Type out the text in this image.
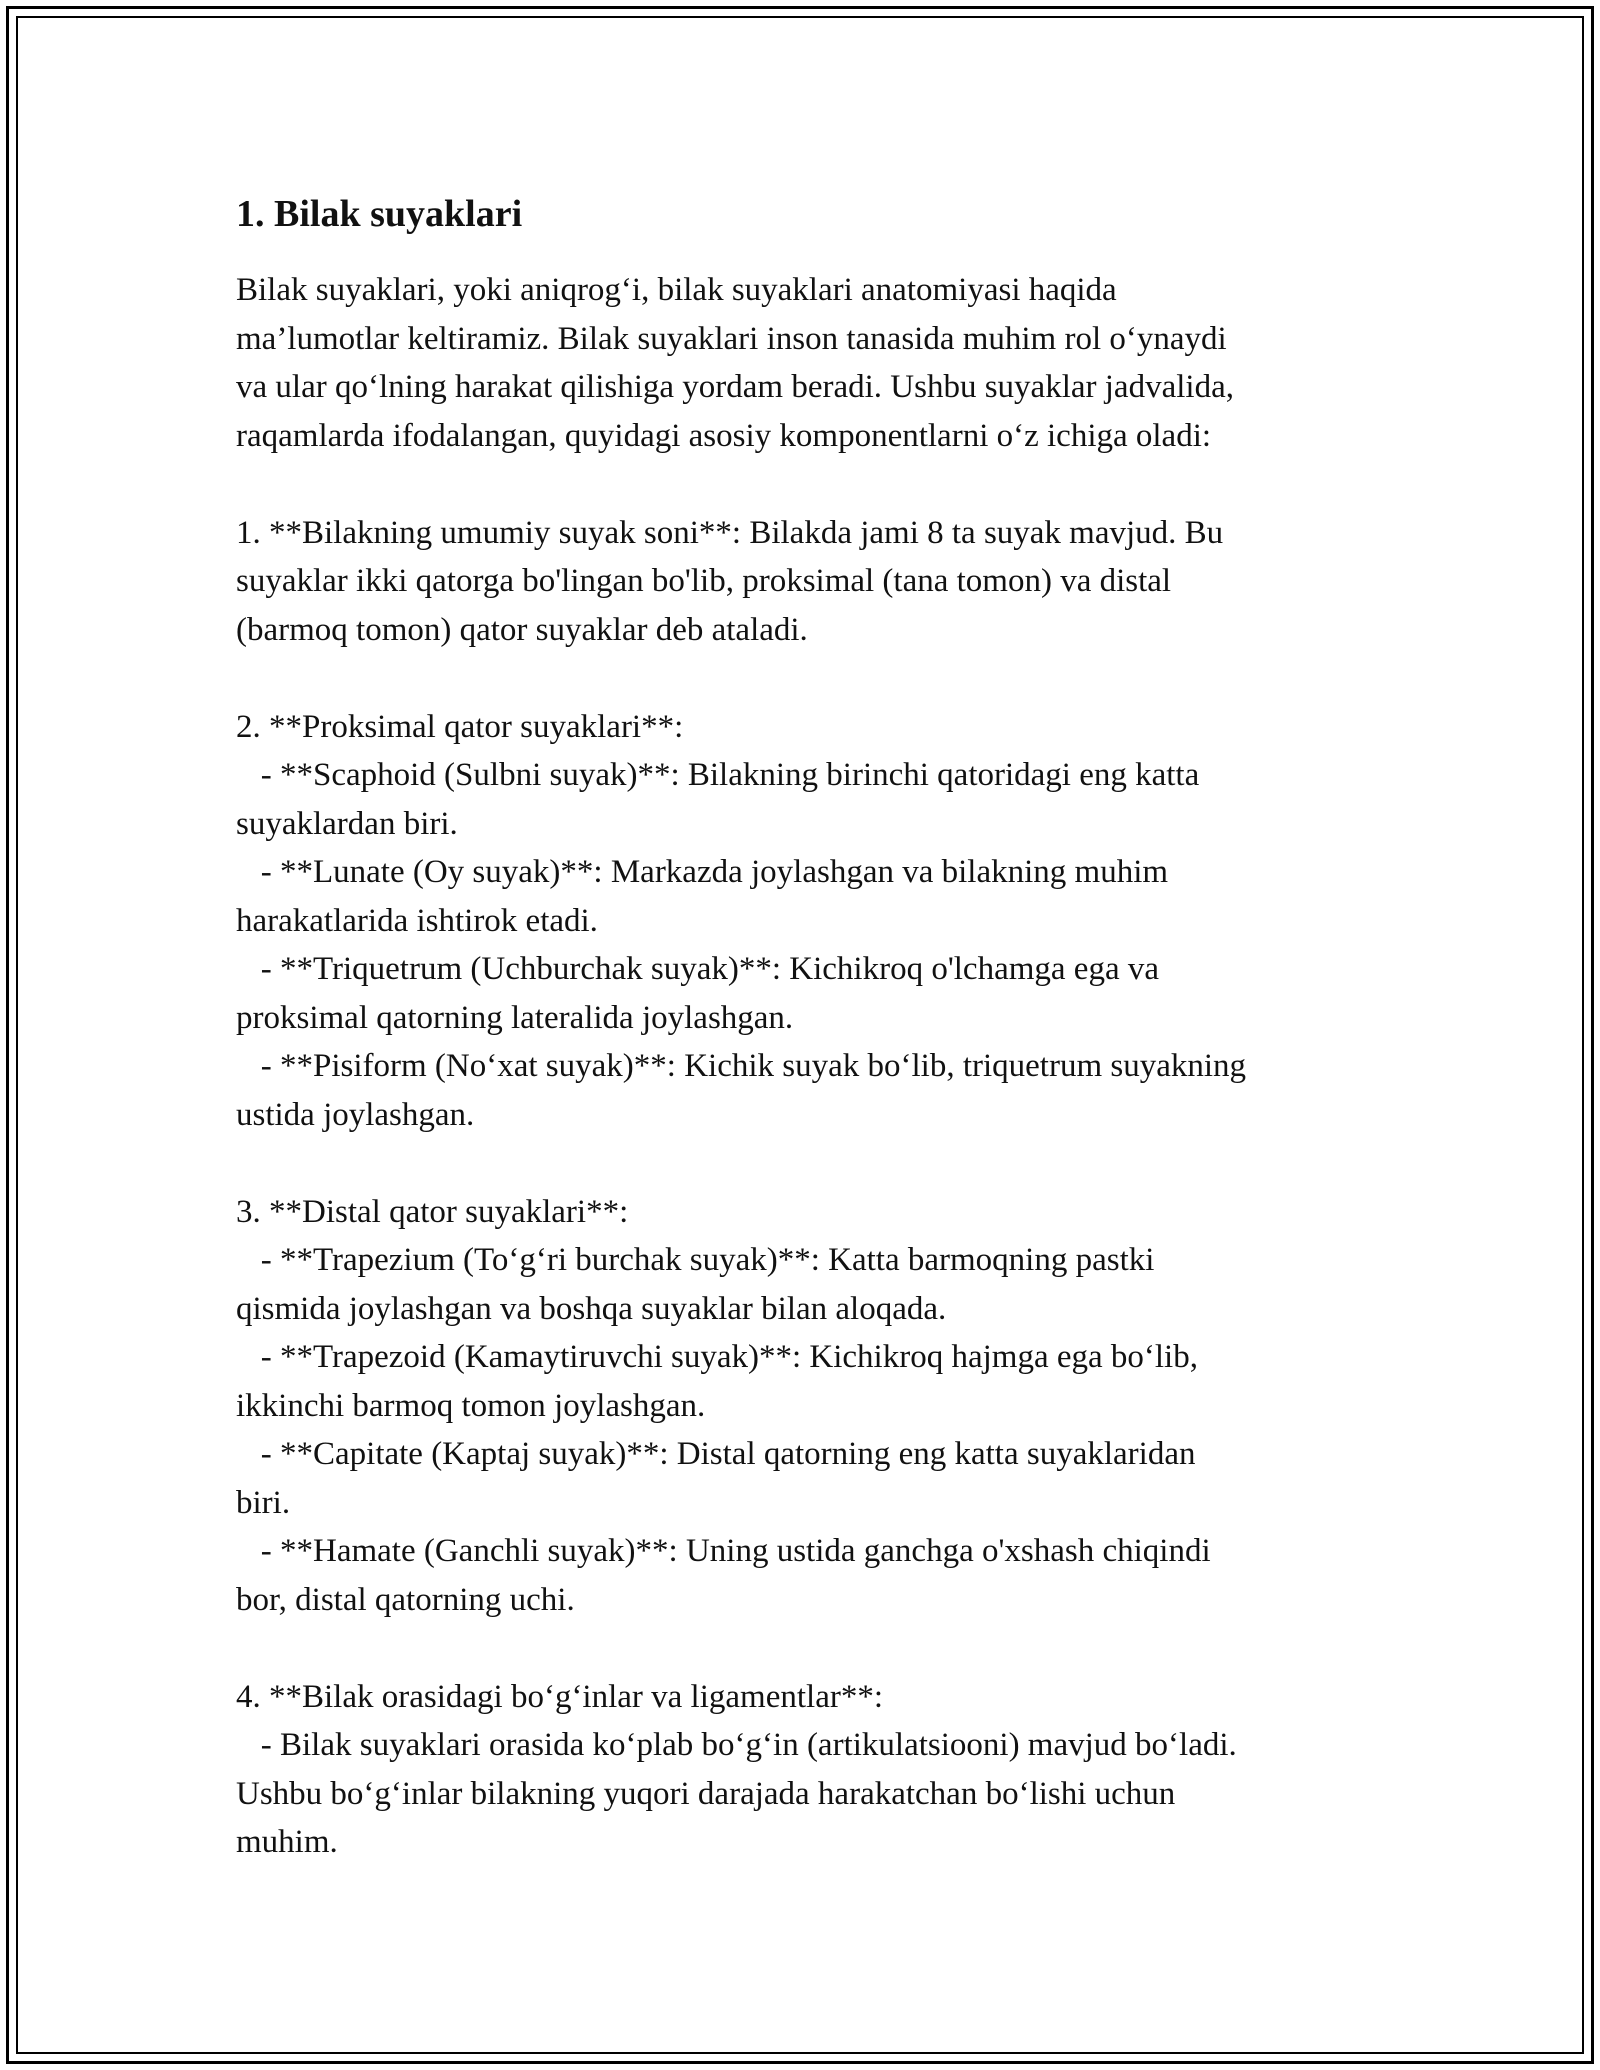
1. Bilak suyaklari

Bilak suyaklari, yoki aniqrog‘i, bilak suyaklari anatomiyasi haqida
ma’lumotlar keltiramiz. Bilak suyaklari inson tanasida muhim rol o‘ynaydi
va ular qo‘lning harakat qilishiga yordam beradi. Ushbu suyaklar jadvalida,
raqamlarda ifodalangan, quyidagi asosiy komponentlarni o‘z ichiga oladi:

1. **Bilakning umumiy suyak soni**: Bilakda jami 8 ta suyak mavjud. Bu
suyaklar ikki qatorga bo'lingan bo'lib, proksimal (tana tomon) va distal
(barmoq tomon) qator suyaklar deb ataladi.

2. **Proksimal qator suyaklari**:
- **Scaphoid (Sulbni suyak)**: Bilakning birinchi qatoridagi eng katta
suyaklardan biri.
- **Lunate (Oy suyak)**: Markazda joylashgan va bilakning muhim
harakatlarida ishtirok etadi.
- **Triquetrum (Uchburchak suyak)**: Kichikroq o'lchamga ega va
proksimal qatorning lateralida joylashgan.
- **Pisiform (No‘xat suyak)**: Kichik suyak bo‘lib, triquetrum suyakning
ustida joylashgan.

3. **Distal qator suyaklari**:
- **Trapezium (To‘g‘ri burchak suyak)**: Katta barmoqning pastki
qismida joylashgan va boshqa suyaklar bilan aloqada.
- **Trapezoid (Kamaytiruvchi suyak)**: Kichikroq hajmga ega bo‘lib,
ikkinchi barmoq tomon joylashgan.
- **Capitate (Kaptaj suyak)**: Distal qatorning eng katta suyaklaridan
biri.
- **Hamate (Ganchli suyak)**: Uning ustida ganchga o'xshash chiqindi
bor, distal qatorning uchi.

4. **Bilak orasidagi bo‘g‘inlar va ligamentlar**:
- Bilak suyaklari orasida ko‘plab bo‘g‘in (artikulatsiooni) mavjud bo‘ladi.
Ushbu bo‘g‘inlar bilakning yuqori darajada harakatchan bo‘lishi uchun
muhim.
